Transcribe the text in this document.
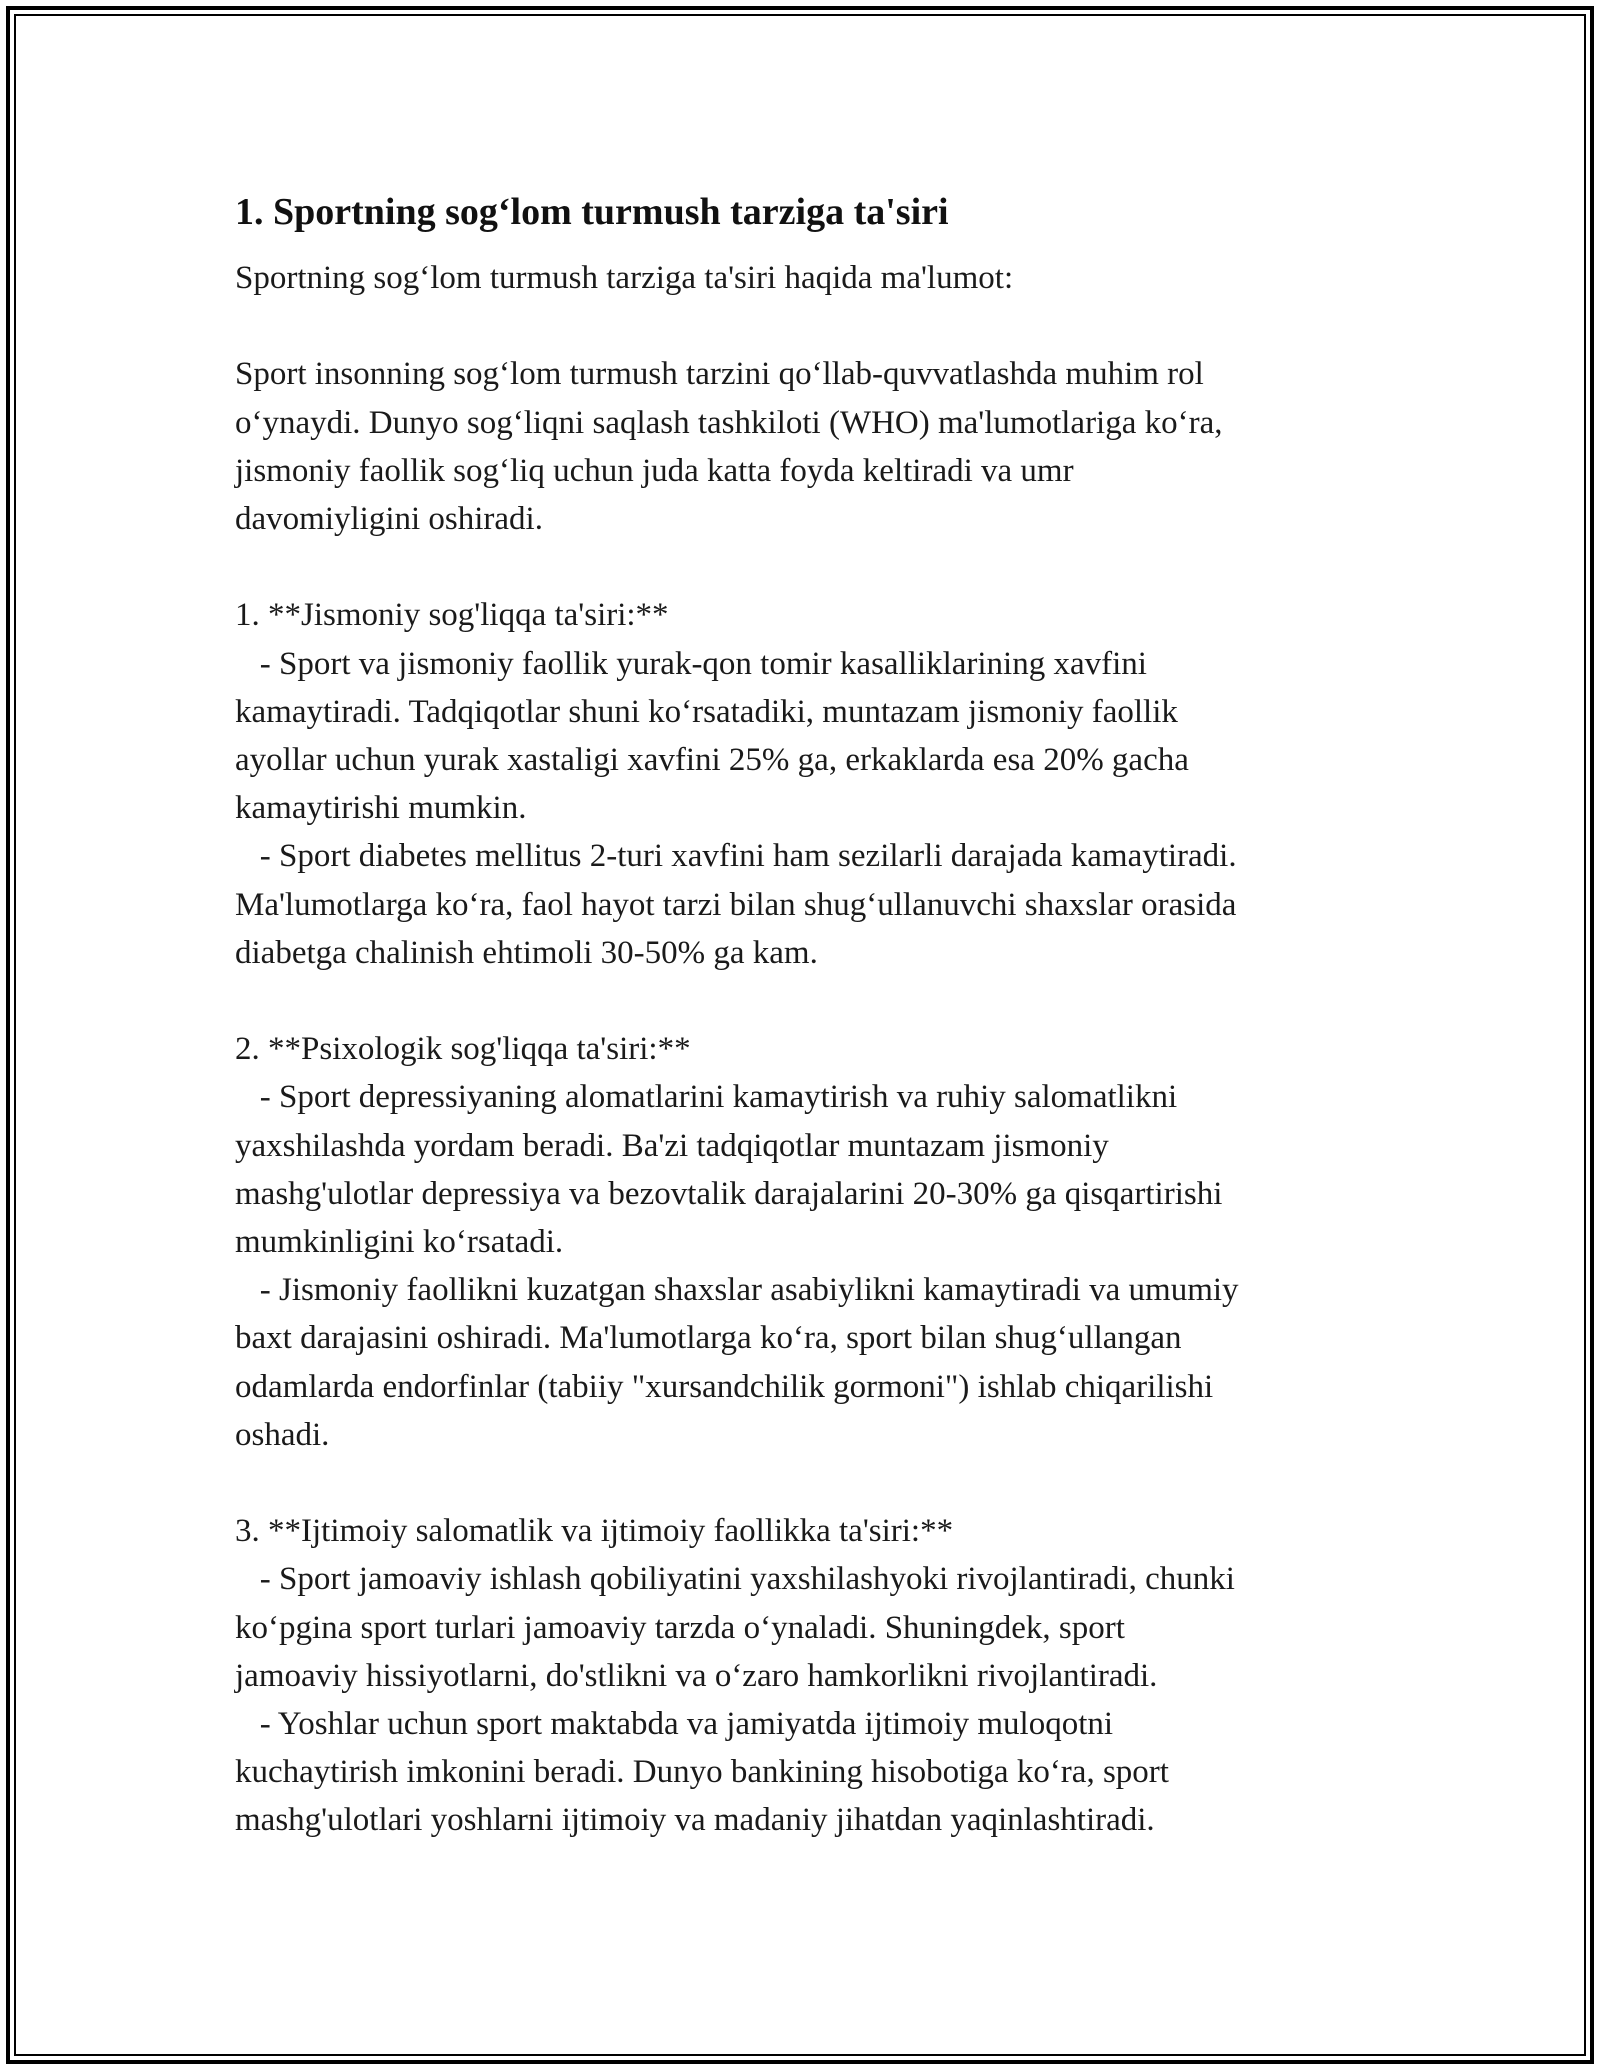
1. Sportning sog‘lom turmush tarziga ta'siri
Sportning sog‘lom turmush tarziga ta'siri haqida ma'lumot:
Sport insonning sog‘lom turmush tarzini qo‘llab-quvvatlashda muhim rol
o‘ynaydi. Dunyo sog‘liqni saqlash tashkiloti (WHO) ma'lumotlariga ko‘ra,
jismoniy faollik sog‘liq uchun juda katta foyda keltiradi va umr
davomiyligini oshiradi.
1. **Jismoniy sog'liqqa ta'siri:**
- Sport va jismoniy faollik yurak-qon tomir kasalliklarining xavfini
kamaytiradi. Tadqiqotlar shuni ko‘rsatadiki, muntazam jismoniy faollik
ayollar uchun yurak xastaligi xavfini 25% ga, erkaklarda esa 20% gacha
kamaytirishi mumkin.
- Sport diabetes mellitus 2-turi xavfini ham sezilarli darajada kamaytiradi.
Ma'lumotlarga ko‘ra, faol hayot tarzi bilan shug‘ullanuvchi shaxslar orasida
diabetga chalinish ehtimoli 30-50% ga kam.
2. **Psixologik sog'liqqa ta'siri:**
- Sport depressiyaning alomatlarini kamaytirish va ruhiy salomatlikni
yaxshilashda yordam beradi. Ba'zi tadqiqotlar muntazam jismoniy
mashg'ulotlar depressiya va bezovtalik darajalarini 20-30% ga qisqartirishi
mumkinligini ko‘rsatadi.
- Jismoniy faollikni kuzatgan shaxslar asabiylikni kamaytiradi va umumiy
baxt darajasini oshiradi. Ma'lumotlarga ko‘ra, sport bilan shug‘ullangan
odamlarda endorfinlar (tabiiy "xursandchilik gormoni") ishlab chiqarilishi
oshadi.
3. **Ijtimoiy salomatlik va ijtimoiy faollikka ta'siri:**
- Sport jamoaviy ishlash qobiliyatini yaxshilashyoki rivojlantiradi, chunki
ko‘pgina sport turlari jamoaviy tarzda o‘ynaladi. Shuningdek, sport
jamoaviy hissiyotlarni, do'stlikni va o‘zaro hamkorlikni rivojlantiradi.
- Yoshlar uchun sport maktabda va jamiyatda ijtimoiy muloqotni
kuchaytirish imkonini beradi. Dunyo bankining hisobotiga ko‘ra, sport
mashg'ulotlari yoshlarni ijtimoiy va madaniy jihatdan yaqinlashtiradi.
